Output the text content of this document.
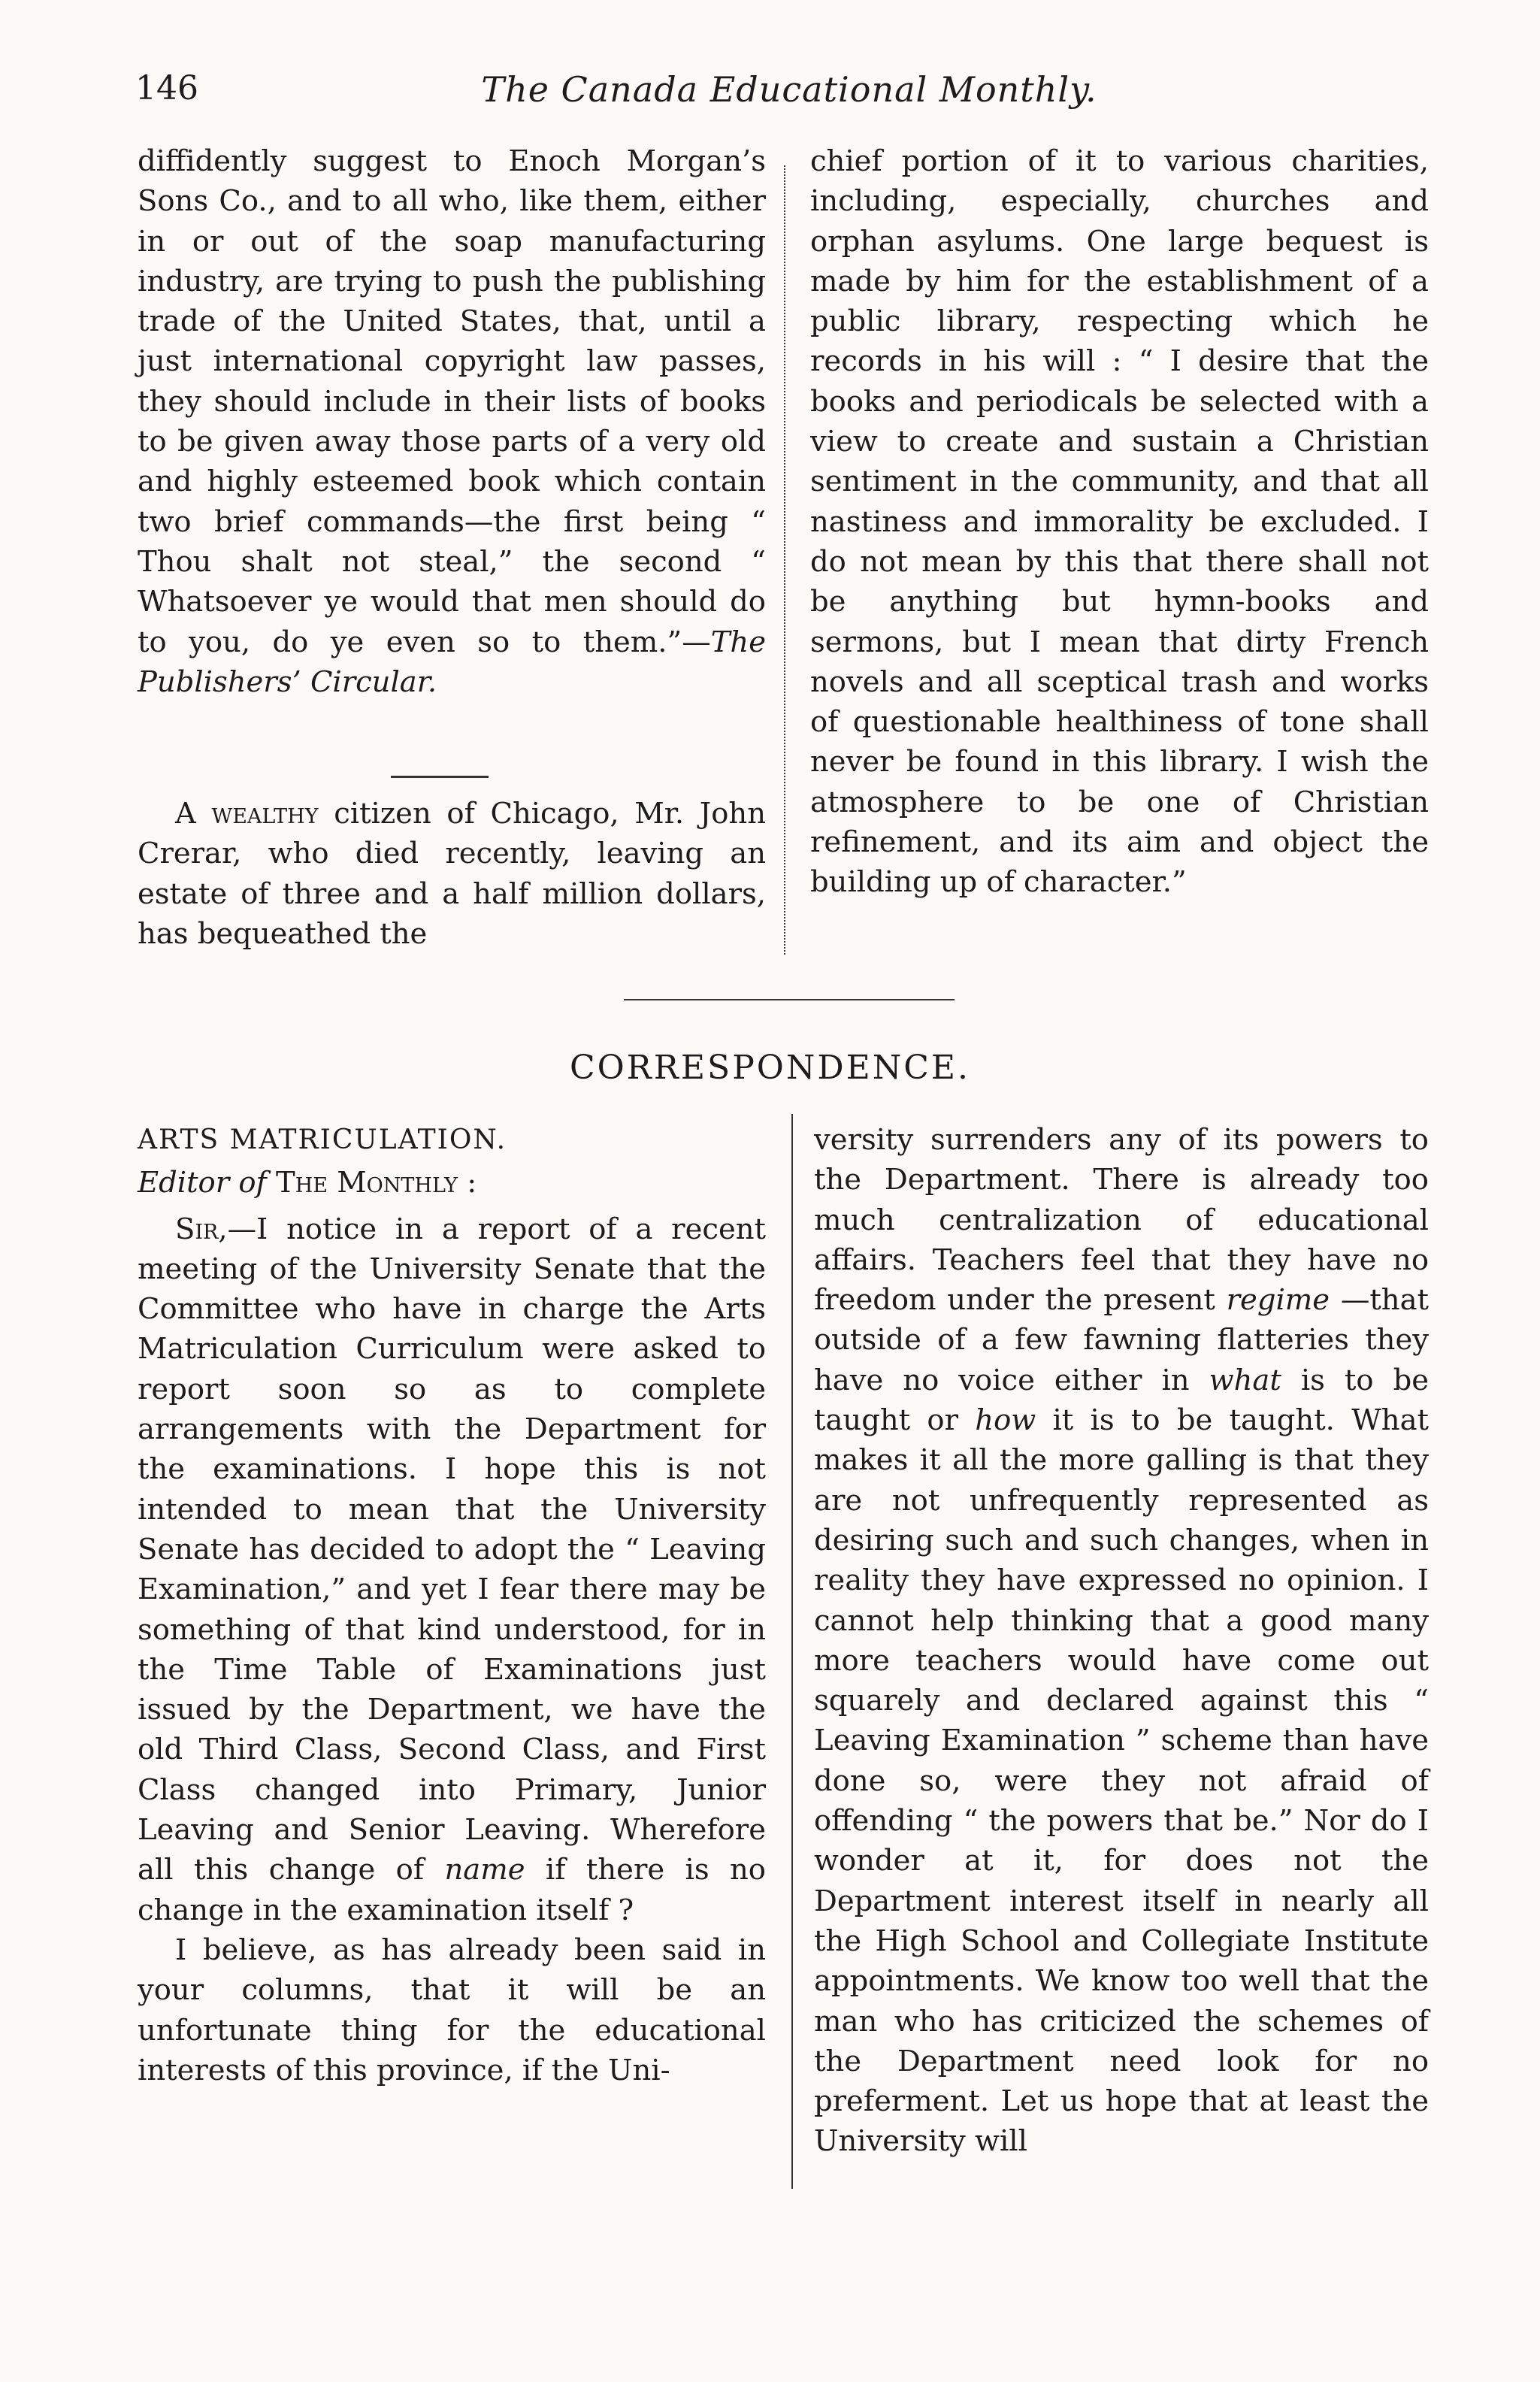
146	The Canada Educational Monthly.

diffidently suggest to Enoch Morgan’s Sons Co., and to all who, like them, either in or out of the soap manufacturing industry, are trying to push the publishing trade of the United States, that, until a just international copyright law passes, they should include in their lists of books to be given away those parts of a very old and highly esteemed book which contain two brief commands—the first being “ Thou shalt not steal,” the second “ Whatsoever ye would that men should do to you, do ye even so to them.”—The Publishers’ Circular.

A wealthy citizen of Chicago, Mr. John Crerar, who died recently, leaving an estate of three and a half million dollars, has bequeathed the

chief portion of it to various charities, including, especially, churches and orphan asylums. One large bequest is made by him for the establishment of a public library, respecting which he records in his will : “ I desire that the books and periodicals be selected with a view to create and sustain a Christian sentiment in the community, and that all nastiness and immorality be excluded. I do not mean by this that there shall not be anything but hymn-books and sermons, but I mean that dirty French novels and all sceptical trash and works of questionable healthiness of tone shall never be found in this library. I wish the atmosphere to be one of Christian refinement, and its aim and object the building up of character.”

CORRESPONDENCE.

ARTS MATRICULATION.

Editor of The Monthly :

Sir,—I notice in a report of a recent meeting of the University Senate that the Committee who have in charge the Arts Matriculation Curriculum were asked to report soon so as to complete arrangements with the Department for the examinations. I hope this is not intended to mean that the University Senate has decided to adopt the “ Leaving Examination,” and yet I fear there may be something of that kind understood, for in the Time Table of Examinations just issued by the Department, we have the old Third Class, Second Class, and First Class changed into Primary, Junior Leaving and Senior Leaving. Wherefore all this change of name if there is no change in the examination itself ?

I believe, as has already been said in your columns, that it will be an unfortunate thing for the educational interests of this province, if the Uni-

versity surrenders any of its powers to the Department. There is already too much centralization of educational affairs. Teachers feel that they have no freedom under the present regime —that outside of a few fawning flatteries they have no voice either in what is to be taught or how it is to be taught. What makes it all the more galling is that they are not unfrequently represented as desiring such and such changes, when in reality they have expressed no opinion. I cannot help thinking that a good many more teachers would have come out squarely and declared against this “ Leaving Examination ” scheme than have done so, were they not afraid of offending “ the powers that be.” Nor do I wonder at it, for does not the Department interest itself in nearly all the High School and Collegiate Institute appointments. We know too well that the man who has criticized the schemes of the Department need look for no preferment. Let us hope that at least the University will
